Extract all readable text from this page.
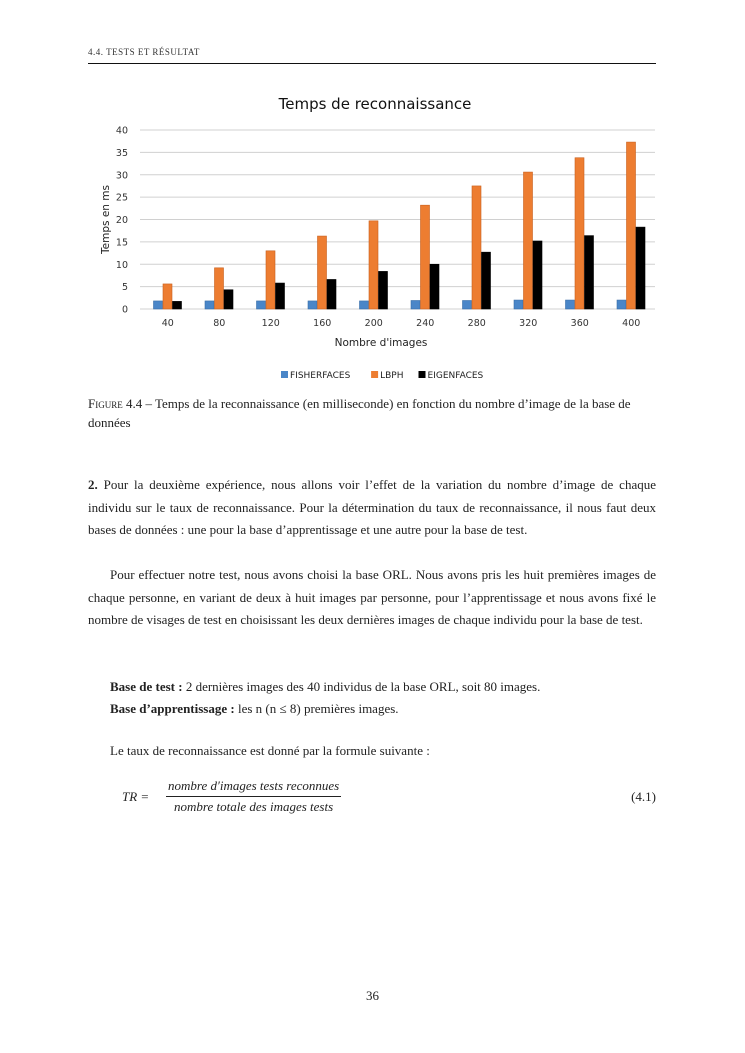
4.4. TESTS ET RÉSULTAT
Temps de reconnaissance
0
5
10
15
20
25
30
35
40
Temps en ms
40	80	120	160	200	240	280	320	360	400
Nombre d'images
FISHERFACES	LBPH	EIGENFACES
Figure 4.4 – Temps de la reconnaissance (en milliseconde) en fonction du nombre d’image de la base de données
2. Pour la deuxième expérience, nous allons voir l’effet de la variation du nombre d’image de chaque individu sur le taux de reconnaissance. Pour la détermination du taux de reconnaissance, il nous faut deux bases de données : une pour la base d’apprentissage et une autre pour la base de test.
Pour effectuer notre test, nous avons choisi la base ORL. Nous avons pris les huit premières images de chaque personne, en variant de deux à huit images par personne, pour l’apprentissage et nous avons fixé le nombre de visages de test en choisissant les deux dernières images de chaque individu pour la base de test.
Base de test : 2 dernières images des 40 individus de la base ORL, soit 80 images.
Base d’apprentissage : les n (n ≤ 8) premières images.
Le taux de reconnaissance est donné par la formule suivante :
TR =
nombre d′images tests reconnues
nombre totale des images tests
(4.1)
36
